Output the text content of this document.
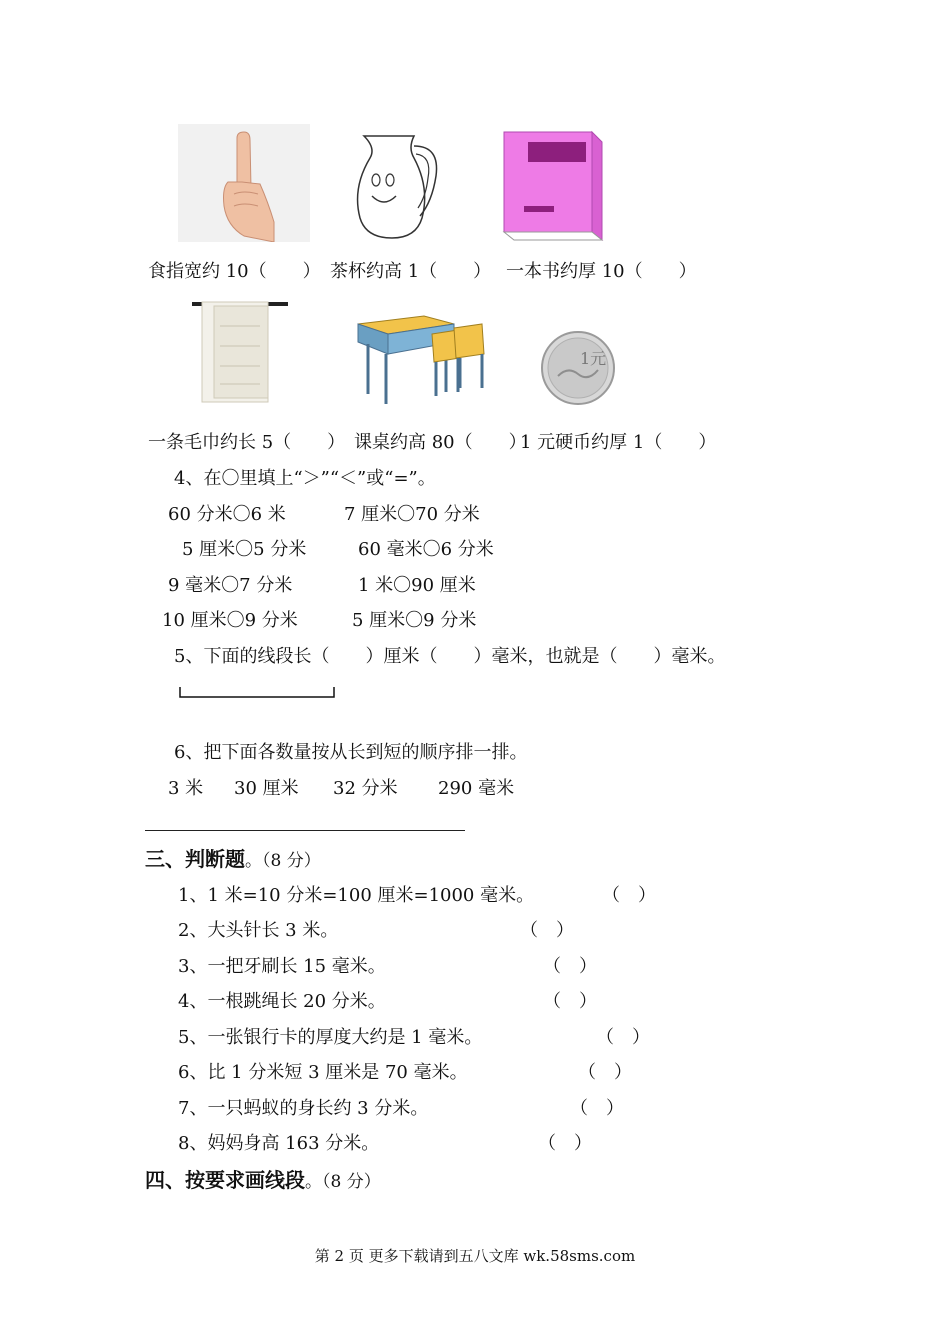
食指宽约 10（　　） 茶杯约高 1（　　） 一本书约厚 10（　　）
1元
一条毛巾约长 5（　　） 课桌约高 80（　　）
1 元硬币约厚 1（　　）
4、在〇里填上“＞”“＜”或“=”。
60 分米〇6 米	7 厘米〇70 分米
5 厘米〇5 分米	60 毫米〇6 分米
9 毫米〇7 分米	1 米〇90 厘米
10 厘米〇9 分米	5 厘米〇9 分米
5、下面的线段长（　　）厘米（　　）毫米，也就是（　　）毫米。
6、把下面各数量按从长到短的顺序排一排。
3 米 30 厘米 32 分米 290 毫米
三、判断题。（8 分）
1、1 米=10 分米=100 厘米=1000 毫米。	（　）
2、大头针长 3 米。	（　）
3、一把牙刷长 15 毫米。	（　）
4、一根跳绳长 20 分米。	（　）
5、一张银行卡的厚度大约是 1 毫米。	（　）
6、比 1 分米短 3 厘米是 70 毫米。	（　）
7、一只蚂蚁的身长约 3 分米。	（　）
8、妈妈身高 163 分米。	（　）
四、按要求画线段。（8 分）
第 2 页 更多下载请到五八文库 wk.58sms.com
